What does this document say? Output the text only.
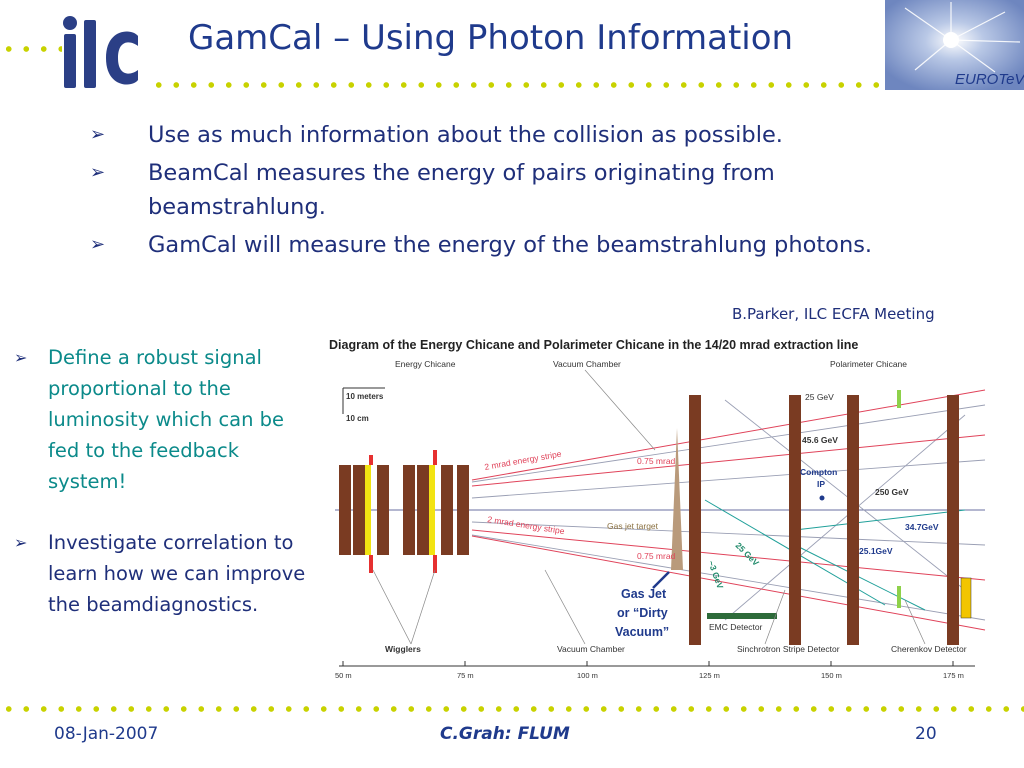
GamCal – Using Photon Information
EUROTeV
➢ Use as much information about the collision as possible.
➢ BeamCal measures the energy of pairs originating from beamstrahlung.
➢ GamCal will measure the energy of the beamstrahlung photons.
B.Parker, ILC ECFA Meeting
➢ Define a robust signal proportional to the luminosity which can be fed to the feedback system!
➢ Investigate correlation to learn how we can improve the beamdiagnostics.
Diagram of the Energy Chicane and Polarimeter Chicane in the 14/20 mrad extraction line
Energy Chicane	Vacuum Chamber	Polarimeter Chicane
10 meters
10 cm
2 mrad energy stripe	0.75 mrad
2 mrad energy stripe
0.75 mrad
Gas jet target
25 GeV
45.6 GeV
Compton
IP
250 GeV
34.7GeV
25.1GeV
25 GeV
~3 GeV
Gas Jet
or “Dirty
Vacuum”	EMC Detector
Wigglers	Vacuum Chamber	Sinchrotron Stripe Detector	Cherenkov Detector
50 m	75 m	100 m	125 m	150 m	175 m
08-Jan-2007	C.Grah: FLUM	20
